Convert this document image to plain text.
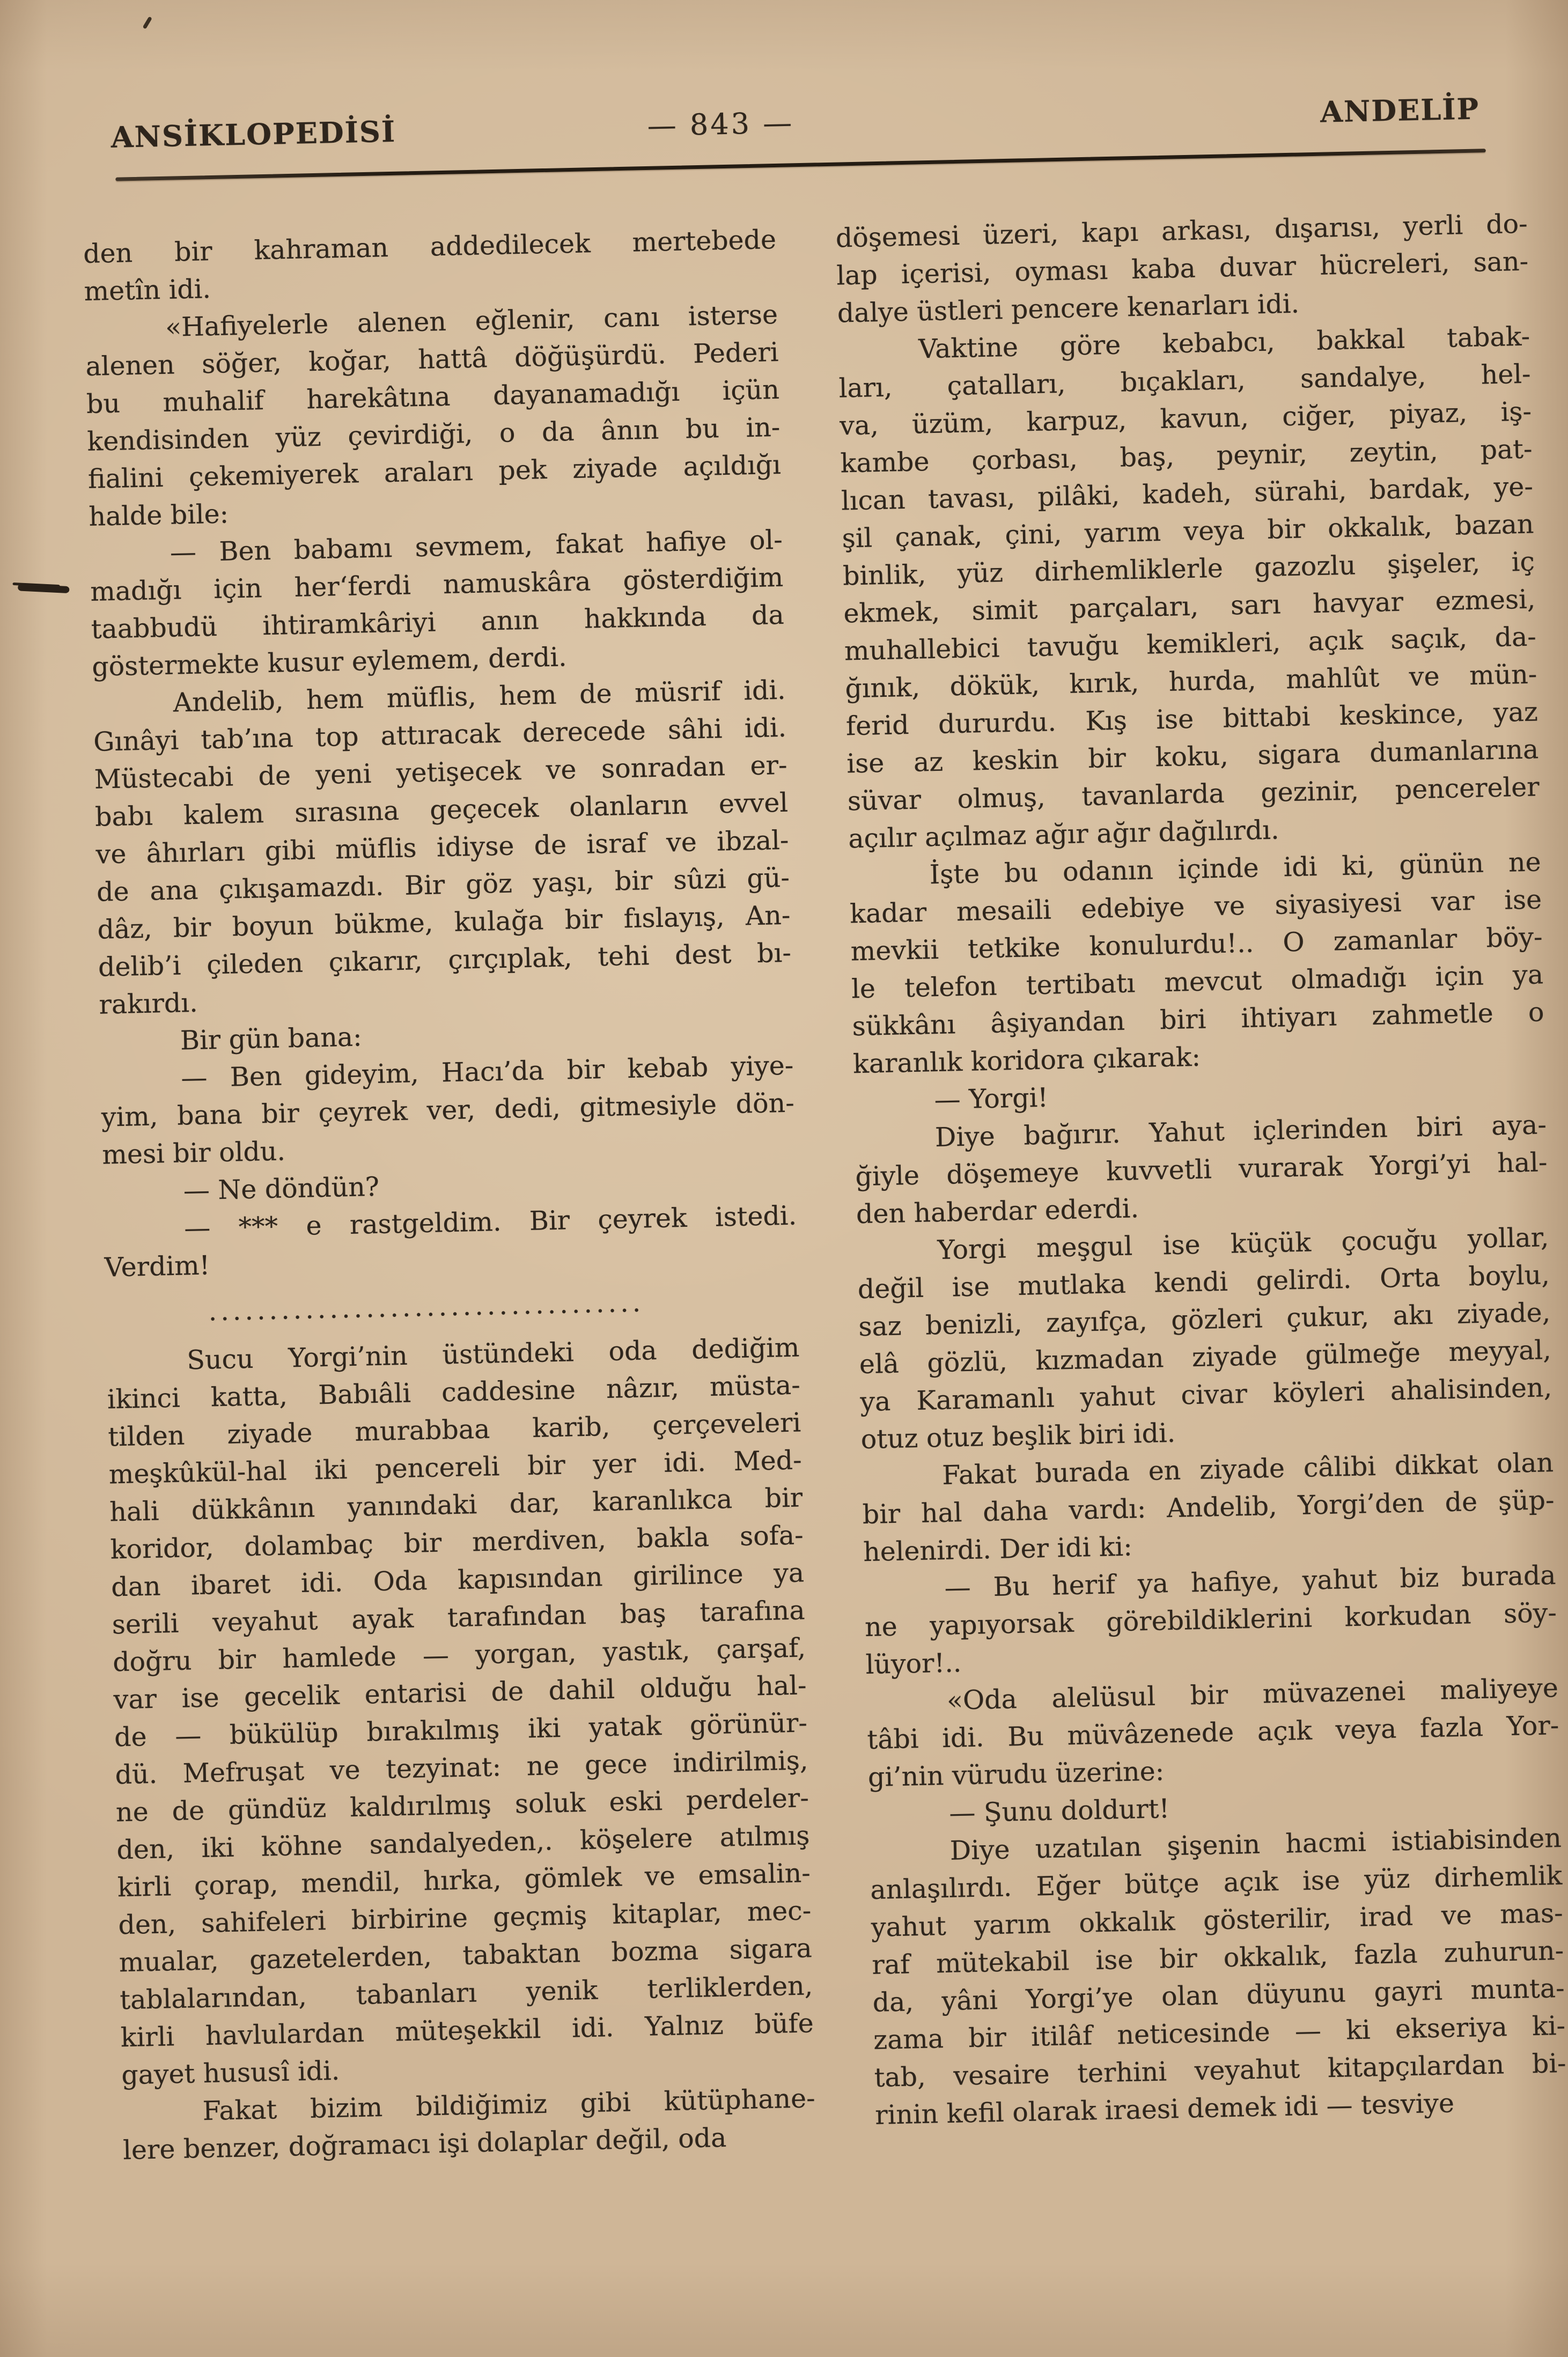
ANSİKLOPEDİSİ	— 843 —	ANDELİP
den bir kahraman addedilecek mertebede
metîn idi.
«Hafiyelerle alenen eğlenir, canı isterse
alenen söğer, koğar, hattâ döğüşürdü. Pederi
bu muhalif harekâtına dayanamadığı içün
kendisinden yüz çevirdiği, o da ânın bu in-
fialini çekemiyerek araları pek ziyade açıldığı
halde bile:
— Ben babamı sevmem, fakat hafiye ol-
madığı için her‘ferdi namuskâra gösterdiğim
taabbudü ihtiramkâriyi anın hakkında da
göstermekte kusur eylemem, derdi.
Andelib, hem müflis, hem de müsrif idi.
Gınâyi tab’ına top attıracak derecede sâhi idi.
Müstecabi de yeni yetişecek ve sonradan er-
babı kalem sırasına geçecek olanların evvel
ve âhırları gibi müflis idiyse de israf ve ibzal-
de ana çıkışamazdı. Bir göz yaşı, bir sûzi gü-
dâz, bir boyun bükme, kulağa bir fıslayış, An-
delib’i çileden çıkarır, çırçıplak, tehi dest bı-
rakırdı.
Bir gün bana:
— Ben gideyim, Hacı’da bir kebab yiye-
yim, bana bir çeyrek ver, dedi, gitmesiyle dön-
mesi bir oldu.
— Ne döndün?
— *** e rastgeldim. Bir çeyrek istedi.
Verdim!
....................................
Sucu Yorgi’nin üstündeki oda dediğim
ikinci katta, Babıâli caddesine nâzır, müsta-
tilden ziyade murabbaa karib, çerçeveleri
meşkûkül-hal iki pencereli bir yer idi. Med-
hali dükkânın yanındaki dar, karanlıkca bir
koridor, dolambaç bir merdiven, bakla sofa-
dan ibaret idi. Oda kapısından girilince ya
serili veyahut ayak tarafından baş tarafına
doğru bir hamlede — yorgan, yastık, çarşaf,
var ise gecelik entarisi de dahil olduğu hal-
de — bükülüp bırakılmış iki yatak görünür-
dü. Mefruşat ve tezyinat: ne gece indirilmiş,
ne de gündüz kaldırılmış soluk eski perdeler-
den, iki köhne sandalyeden,. köşelere atılmış
kirli çorap, mendil, hırka, gömlek ve emsalin-
den, sahifeleri birbirine geçmiş kitaplar, mec-
mualar, gazetelerden, tabaktan bozma sigara
tablalarından, tabanları yenik terliklerden,
kirli havlulardan müteşekkil idi. Yalnız büfe
gayet hususî idi.
Fakat bizim bildiğimiz gibi kütüphane-
lere benzer, doğramacı işi dolaplar değil, oda
döşemesi üzeri, kapı arkası, dışarısı, yerli do-
lap içerisi, oyması kaba duvar hücreleri, san-
dalye üstleri pencere kenarları idi.
Vaktine göre kebabcı, bakkal tabak-
ları, çatalları, bıçakları, sandalye, hel-
va, üzüm, karpuz, kavun, ciğer, piyaz, iş-
kambe çorbası, baş, peynir, zeytin, pat-
lıcan tavası, pilâki, kadeh, sürahi, bardak, ye-
şil çanak, çini, yarım veya bir okkalık, bazan
binlik, yüz dirhemliklerle gazozlu şişeler, iç
ekmek, simit parçaları, sarı havyar ezmesi,
muhallebici tavuğu kemikleri, açık saçık, da-
ğınık, dökük, kırık, hurda, mahlût ve mün-
ferid dururdu. Kış ise bittabi keskince, yaz
ise az keskin bir koku, sigara dumanlarına
süvar olmuş, tavanlarda gezinir, pencereler
açılır açılmaz ağır ağır dağılırdı.
İşte bu odanın içinde idi ki, günün ne
kadar mesaili edebiye ve siyasiyesi var ise
mevkii tetkike konulurdu!.. O zamanlar böy-
le telefon tertibatı mevcut olmadığı için ya
sükkânı âşiyandan biri ihtiyarı zahmetle o
karanlık koridora çıkarak:
— Yorgi!
Diye bağırır. Yahut içlerinden biri aya-
ğiyle döşemeye kuvvetli vurarak Yorgi’yi hal-
den haberdar ederdi.
Yorgi meşgul ise küçük çocuğu yollar,
değil ise mutlaka kendi gelirdi. Orta boylu,
saz benizli, zayıfça, gözleri çukur, akı ziyade,
elâ gözlü, kızmadan ziyade gülmeğe meyyal,
ya Karamanlı yahut civar köyleri ahalisinden,
otuz otuz beşlik biri idi.
Fakat burada en ziyade câlibi dikkat olan
bir hal daha vardı: Andelib, Yorgi’den de şüp-
helenirdi. Der idi ki:
— Bu herif ya hafiye, yahut biz burada
ne yapıyorsak görebildiklerini korkudan söy-
lüyor!..
«Oda alelüsul bir müvazenei maliyeye
tâbi idi. Bu müvâzenede açık veya fazla Yor-
gi’nin vürudu üzerine:
— Şunu doldurt!
Diye uzatılan şişenin hacmi istiabisinden
anlaşılırdı. Eğer bütçe açık ise yüz dirhemlik
yahut yarım okkalık gösterilir, irad ve mas-
raf mütekabil ise bir okkalık, fazla zuhurun-
da, yâni Yorgi’ye olan düyunu gayri munta-
zama bir itilâf neticesinde — ki ekseriya ki-
tab, vesaire terhini veyahut kitapçılardan bi-
rinin kefil olarak iraesi demek idi — tesviye
